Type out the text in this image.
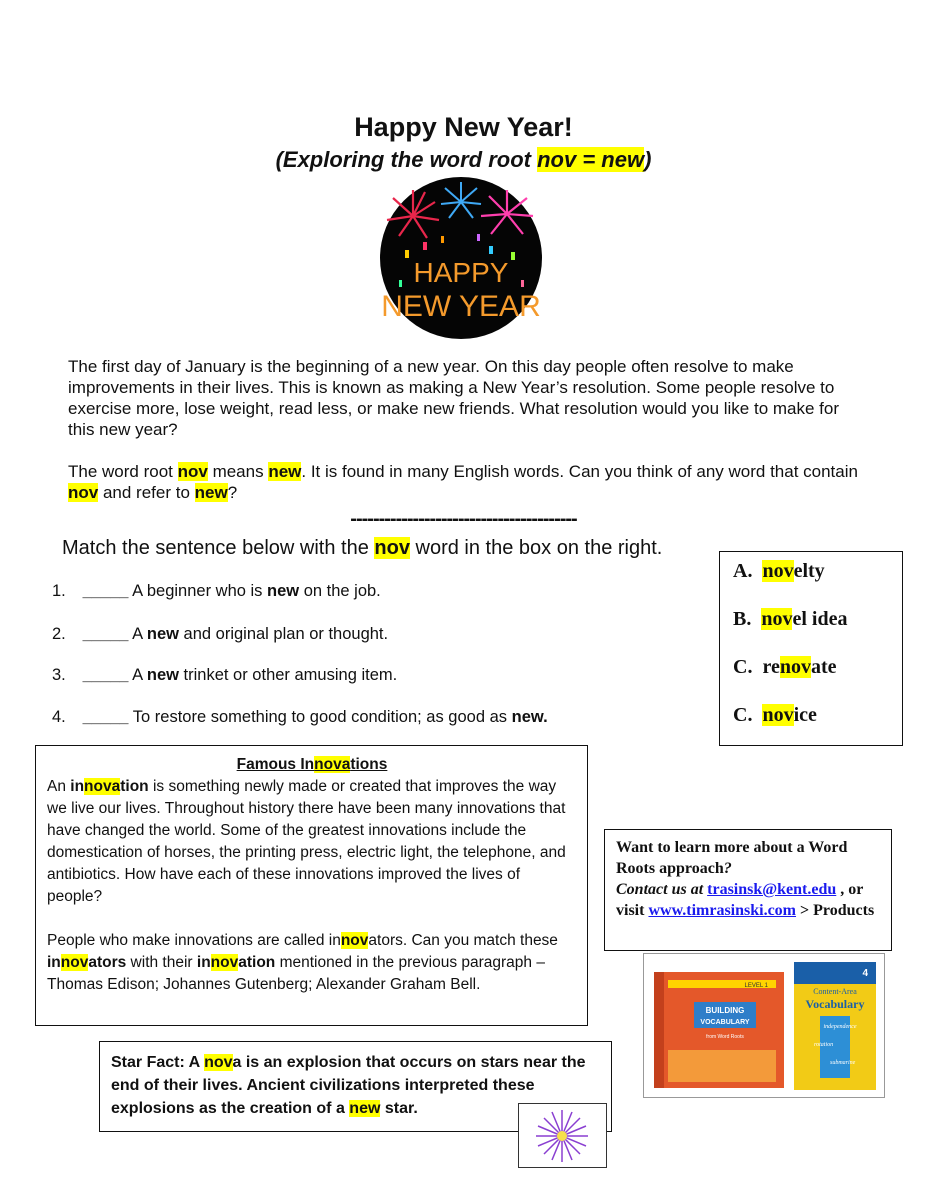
Happy New Year!
(Exploring the word root nov = new)
HAPPY
NEW YEAR
The first day of January is the beginning of a new year. On this day people often resolve to make improvements in their lives. This is known as making a New Year’s resolution. Some people resolve to exercise more, lose weight, read less, or make new friends. What resolution would you like to make for this new year?
The word root nov means new. It is found in many English words. Can you think of any word that contain nov and refer to new?
----------------------------------------
Match the sentence below with the nov word in the box on the right.
1. _____ A beginner who is new on the job.
2. _____ A new and original plan or thought.
3. _____ A new trinket or other amusing item.
4. _____ To restore something to good condition; as good as new.
A. novelty
B. novel idea
C. renovate
C. novice
Famous Innovations
An innovation is something newly made or created that improves the way we live our lives. Throughout history there have been many innovations that have changed the world. Some of the greatest innovations include the domestication of horses, the printing press, electric light, the telephone, and antibiotics. How have each of these innovations improved the lives of people?
People who make innovations are called innovators. Can you match these innovators with their innovation mentioned in the previous paragraph – Thomas Edison; Johannes Gutenberg; Alexander Graham Bell.
Star Fact: A nova is an explosion that occurs on stars near the end of their lives. Ancient civilizations interpreted these explosions as the creation of a new star.
Want to learn more about a Word Roots approach?
Contact us at trasinsk@kent.edu , or visit www.timrasinski.com > Products
LEVEL 1
BUILDING
VOCABULARY
from Word Roots
4
Content-Area
Vocabulary
independence
rotation
submarine
